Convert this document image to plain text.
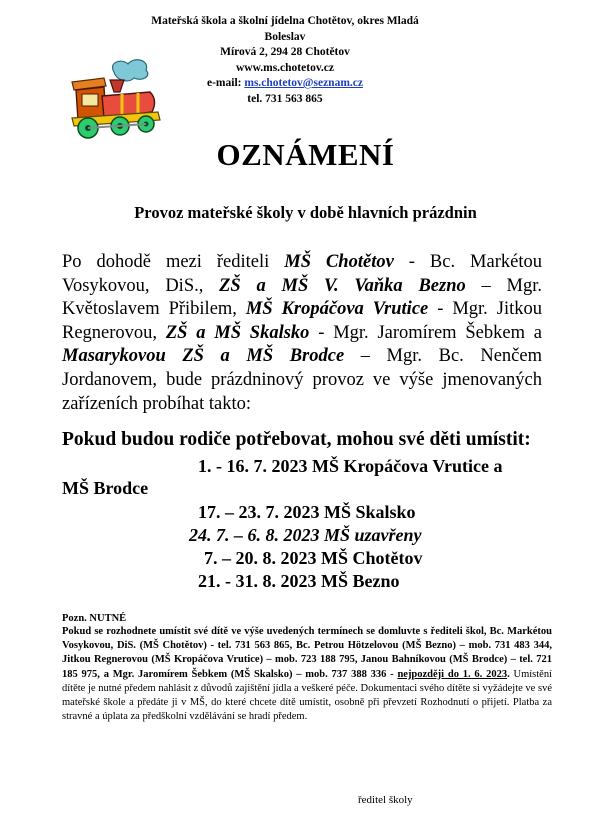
Mateřská škola a školní jídelna Chotětov, okres Mladá Boleslav
Mírová 2, 294 28 Chotětov
www.ms.chotetov.cz
e-mail: ms.chotetov@seznam.cz
tel. 731 563 865
OZNÁMENÍ
Provoz mateřské školy v době hlavních prázdnin
Po dohodě mezi řediteli MŠ Chotětov - Bc. Markétou Vosykovou, DiS., ZŠ a MŠ V. Vaňka Bezno – Mgr. Květoslavem Přibilem, MŠ Kropáčova Vrutice - Mgr. Jitkou Regnerovou, ZŠ a MŠ Skalsko - Mgr. Jaromírem Šebkem a Masarykovou ZŠ a MŠ Brodce – Mgr. Bc. Nenčem Jordanovem, bude prázdninový provoz ve výše jmenovaných zařízeních probíhat takto:
Pokud budou rodiče potřebovat, mohou své děti umístit:
1. - 16. 7. 2023 MŠ Kropáčova Vrutice a
MŠ Brodce
17. – 23. 7. 2023 MŠ Skalsko
24. 7. – 6. 8. 2023 MŠ uzavřeny
7. – 20. 8. 2023 MŠ Chotětov
21. - 31. 8. 2023 MŠ Bezno
Pozn. NUTNÉ
Pokud se rozhodnete umístit své dítě ve výše uvedených termínech se domluvte s řediteli škol, Bc. Markétou Vosykovou, DiS. (MŠ Chotětov) - tel. 731 563 865, Bc. Petrou Hötzelovou (MŠ Bezno) – mob. 731 483 344, Jitkou Regnerovou (MŠ Kropáčova Vrutice) – mob. 723 188 795, Janou Bahníkovou (MŠ Brodce) – tel. 721 185 975, a Mgr. Jaromírem Šebkem (MŠ Skalsko) – mob. 737 388 336 - nejpozději do 1. 6. 2023. Umístění dítěte je nutné předem nahlásit z důvodů zajištění jídla a veškeré péče. Dokumentaci svého dítěte si vyžádejte ve své mateřské škole a předáte ji v MŠ, do které chcete dítě umístit, osobně při převzetí Rozhodnutí o přijetí. Platba za stravné a úplata za předškolní vzdělávání se hradí předem.
ředitel školy
